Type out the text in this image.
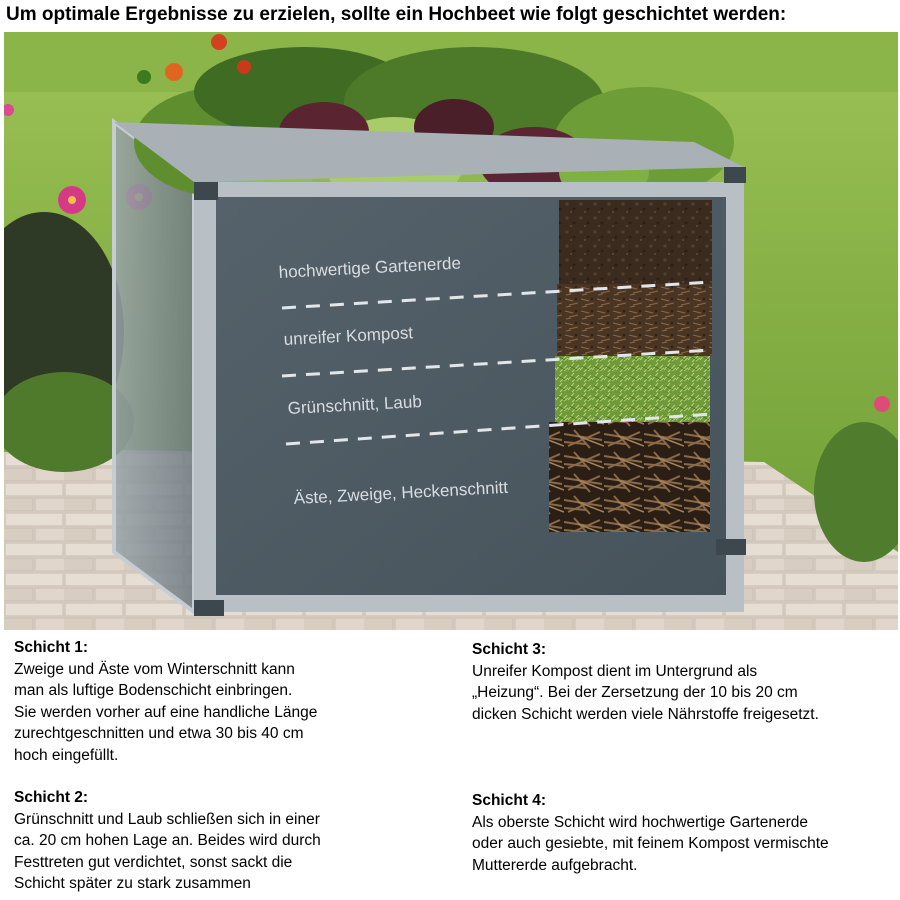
Um optimale Ergebnisse zu erzielen, sollte ein Hochbeet wie folgt geschichtet werden:
hochwertige Gartenerde
unreifer Kompost
Grünschnitt, Laub
Äste, Zweige, Heckenschnitt
Schicht 1:

Zweige und Äste vom Winterschnitt kann
man als luftige Bodenschicht einbringen.
Sie werden vorher auf eine handliche Länge
zurechtgeschnitten und etwa 30 bis 40 cm
hoch eingefüllt.

Schicht 2:

Grünschnitt und Laub schließen sich in einer
ca. 20 cm hohen Lage an. Beides wird durch
Festtreten gut verdichtet, sonst sackt die
Schicht später zu stark zusammen

Schicht 3:

Unreifer Kompost dient im Untergrund als
„Heizung“. Bei der Zersetzung der 10 bis 20 cm
dicken Schicht werden viele Nährstoffe freigesetzt.

Schicht 4:

Als oberste Schicht wird hochwertige Gartenerde
oder auch gesiebte, mit feinem Kompost vermischte
Muttererde aufgebracht.
